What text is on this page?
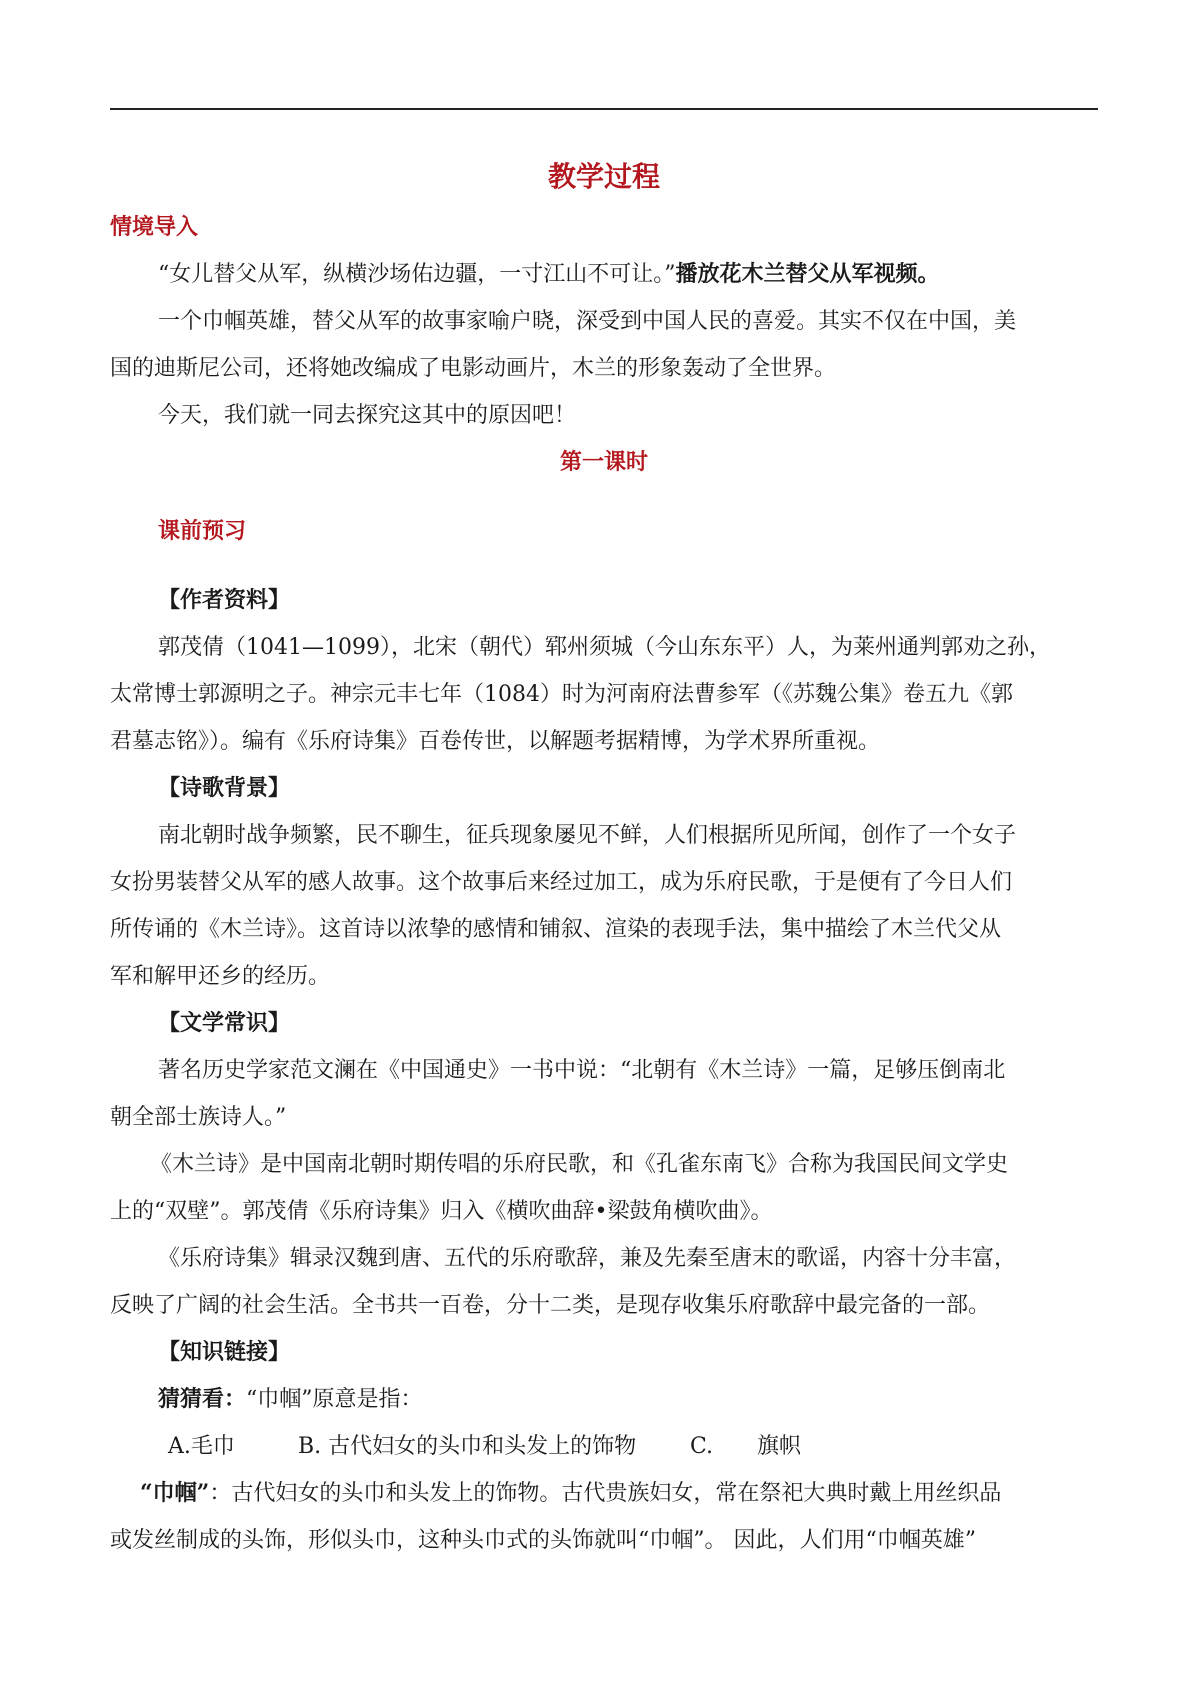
教学过程
情境导入
“女儿替父从军，纵横沙场佑边疆，一寸江山不可让。”播放花木兰替父从军视频。
一个巾帼英雄，替父从军的故事家喻户晓，深受到中国人民的喜爱。其实不仅在中国，美
国的迪斯尼公司，还将她改编成了电影动画片，木兰的形象轰动了全世界。
今天，我们就一同去探究这其中的原因吧！
第一课时
课前预习
【作者资料】
郭茂倩（1041—1099），北宋（朝代）郓州须城（今山东东平）人，为莱州通判郭劝之孙，
太常博士郭源明之子。神宗元丰七年（1084）时为河南府法曹参军（《苏魏公集》卷五九《郭
君墓志铭》）。编有《乐府诗集》百卷传世，以解题考据精博，为学术界所重视。
【诗歌背景】
南北朝时战争频繁，民不聊生，征兵现象屡见不鲜，人们根据所见所闻，创作了一个女子
女扮男装替父从军的感人故事。这个故事后来经过加工，成为乐府民歌，于是便有了今日人们
所传诵的《木兰诗》。这首诗以浓挚的感情和铺叙、渲染的表现手法，集中描绘了木兰代父从
军和解甲还乡的经历。
【文学常识】
著名历史学家范文澜在《中国通史》一书中说：“北朝有《木兰诗》一篇，足够压倒南北
朝全部士族诗人。”
《木兰诗》是中国南北朝时期传唱的乐府民歌，和《孔雀东南飞》合称为我国民间文学史
上的“双壁”。郭茂倩《乐府诗集》归入《横吹曲辞•梁鼓角横吹曲》。
《乐府诗集》辑录汉魏到唐、五代的乐府歌辞，兼及先秦至唐末的歌谣，内容十分丰富，
反映了广阔的社会生活。全书共一百卷，分十二类，是现存收集乐府歌辞中最完备的一部。
【知识链接】
猜猜看：“巾帼”原意是指：
A.毛巾	B. 古代妇女的头巾和头发上的饰物 C.　　旗帜
“巾帼”：古代妇女的头巾和头发上的饰物。古代贵族妇女，常在祭祀大典时戴上用丝织品
或发丝制成的头饰，形似头巾，这种头巾式的头饰就叫“巾帼”。 因此，人们用“巾帼英雄”
